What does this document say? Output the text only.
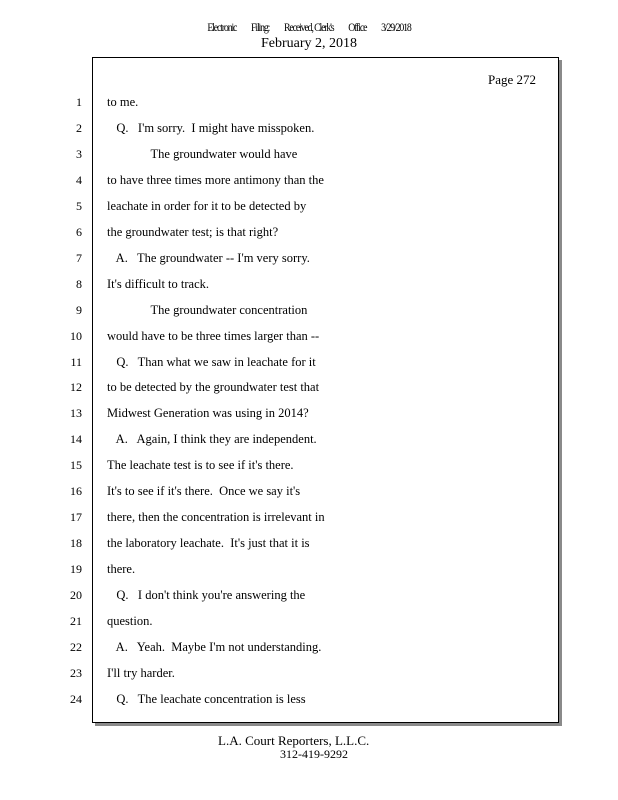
Electronic Filing: Received, Clerk's Office 3/29/2018
February 2, 2018
Page 272
1 to me.
2 Q.   I'm sorry.  I might have misspoken.
3 The groundwater would have
4 to have three times more antimony than the
5 leachate in order for it to be detected by
6 the groundwater test; is that right?
7 A.   The groundwater -- I'm very sorry.
8 It's difficult to track.
9 The groundwater concentration
10 would have to be three times larger than --
11 Q.   Than what we saw in leachate for it
12 to be detected by the groundwater test that
13 Midwest Generation was using in 2014?
14 A.   Again, I think they are independent.
15 The leachate test is to see if it's there.
16 It's to see if it's there.  Once we say it's
17 there, then the concentration is irrelevant in
18 the laboratory leachate.  It's just that it is
19 there.
20 Q.   I don't think you're answering the
21 question.
22 A.   Yeah.  Maybe I'm not understanding.
23 I'll try harder.
24 Q.   The leachate concentration is less
L.A. Court Reporters, L.L.C.
312-419-9292
